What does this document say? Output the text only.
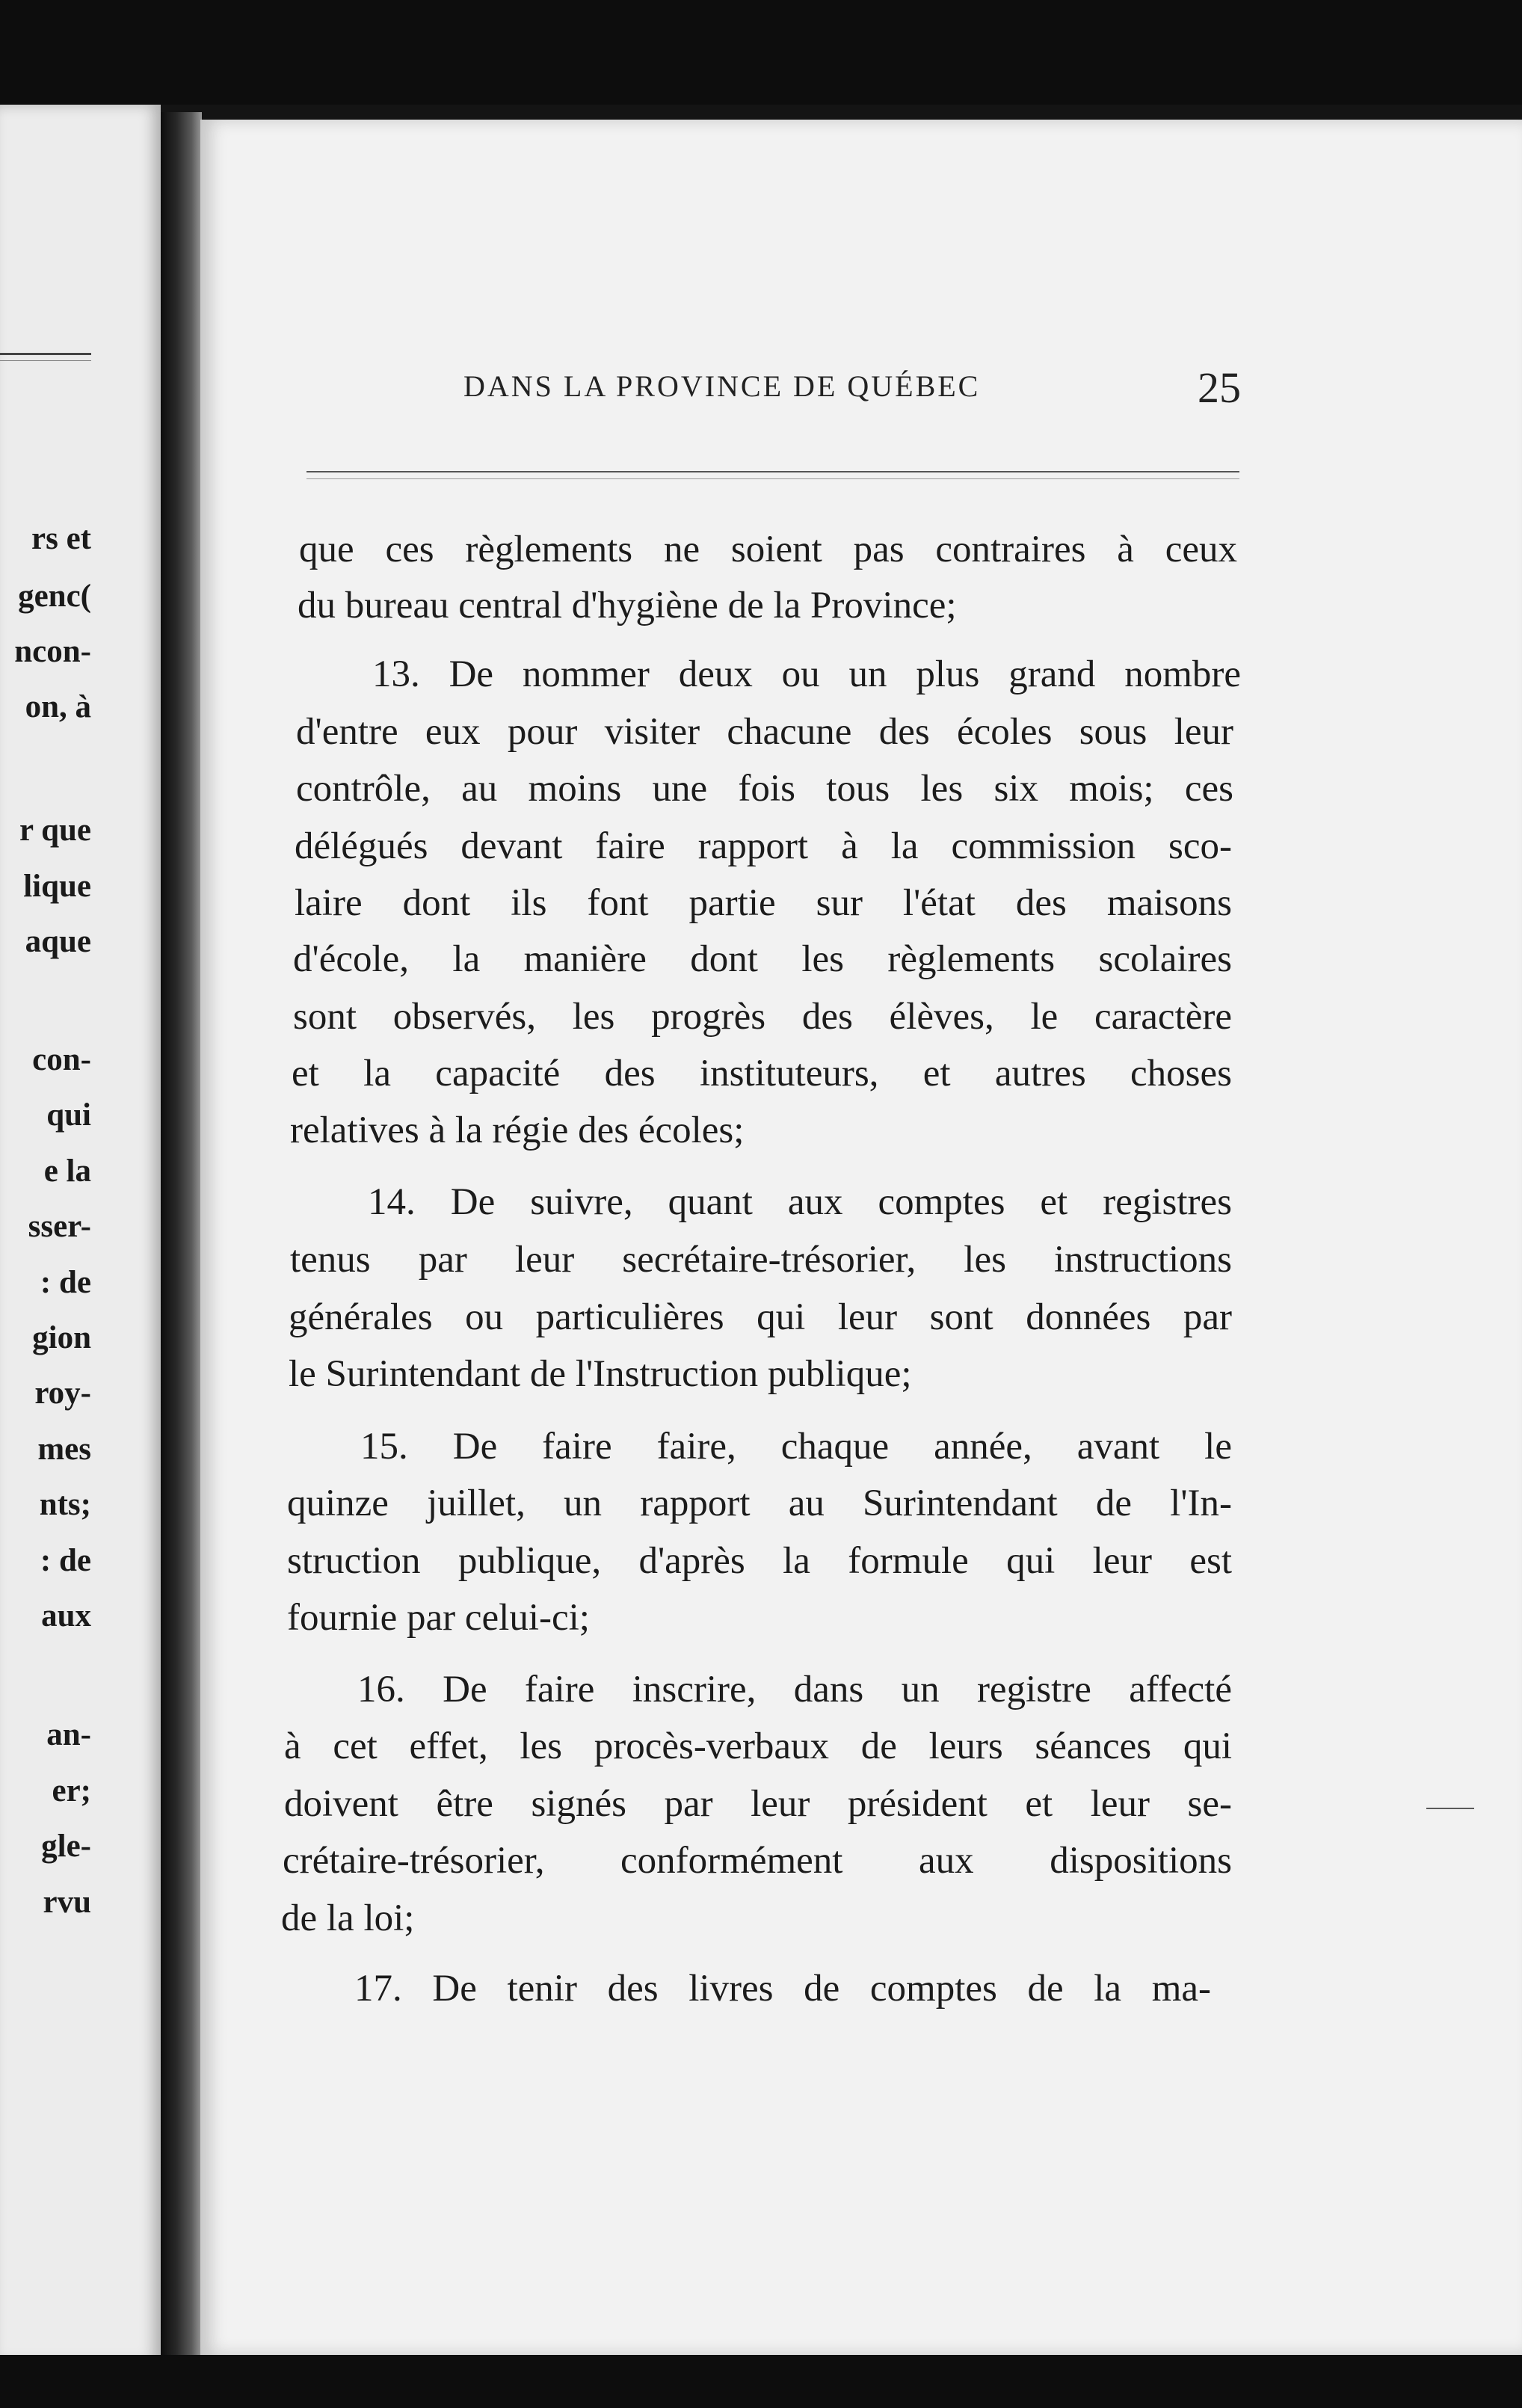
rs et
genc(
ncon-
on, à
r que
lique
aque
con-
qui
e la
sser-
: de
gion
roy-
mes
nts;
: de
aux
an-
er;
gle-
rvu
DANS LA PROVINCE DE QUÉBEC	25
que ces règlements ne soient pas contraires à ceux
du bureau central d'hygiène de la Province;
13. De nommer deux ou un plus grand nombre
d'entre eux pour visiter chacune des écoles sous leur
contrôle, au moins une fois tous les six mois; ces
délégués devant faire rapport à la commission sco-
laire dont ils font partie sur l'état des maisons
d'école, la manière dont les règlements scolaires
sont observés, les progrès des élèves, le caractère
et la capacité des instituteurs, et autres choses
relatives à la régie des écoles;
14. De suivre, quant aux comptes et registres
tenus par leur secrétaire-trésorier, les instructions
générales ou particulières qui leur sont données par
le Surintendant de l'Instruction publique;
15. De faire faire, chaque année, avant le
quinze juillet, un rapport au Surintendant de l'In-
struction publique, d'après la formule qui leur est
fournie par celui-ci;
16. De faire inscrire, dans un registre affecté
à cet effet, les procès-verbaux de leurs séances qui
doivent être signés par leur président et leur se-
crétaire-trésorier, conformément aux dispositions
de la loi;
17. De tenir des livres de comptes de la ma-
